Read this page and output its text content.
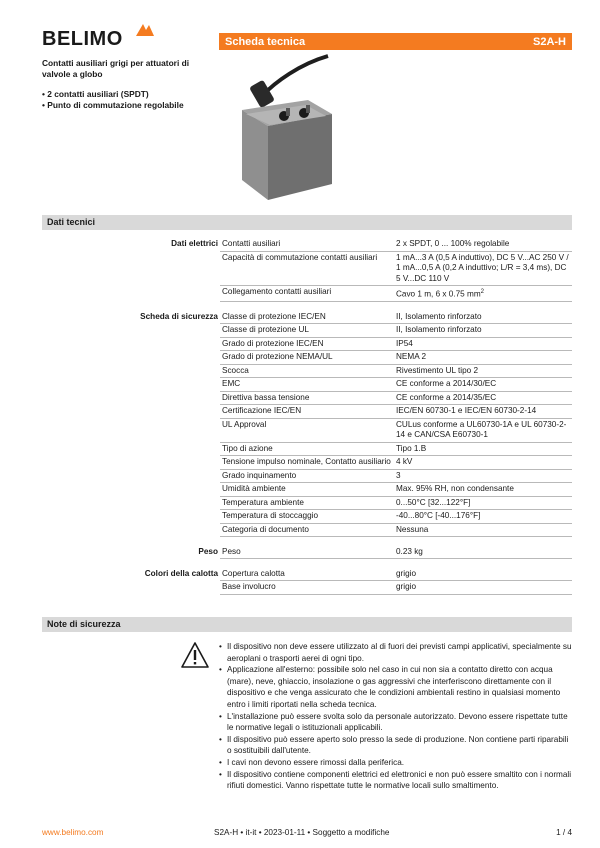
BELIMO	Scheda tecnica	S2A-H
Contatti ausiliari grigi per attuatori di valvole a globo
• 2 contatti ausiliari (SPDT)
• Punto di commutazione regolabile
Dati tecnici
Dati elettrici	Contatti ausiliari	2 x SPDT, 0 ... 100% regolabile
	Capacità di commutazione contatti ausiliari	1 mA...3 A (0,5 A induttivo), DC 5 V...AC 250 V / 1 mA...0,5 A (0,2 A induttivo; L/R = 3,4 ms), DC 5 V...DC 110 V
	Collegamento contatti ausiliari	Cavo 1 m, 6 x 0.75 $mm^2$

Scheda di sicurezza	Classe di protezione IEC/EN	II, Isolamento rinforzato
	Classe di protezione UL	II, Isolamento rinforzato
	Grado di protezione IEC/EN	IP54
	Grado di protezione NEMA/UL	NEMA 2
	Scocca	Rivestimento UL tipo 2
	EMC	CE conforme a 2014/30/EC
	Direttiva bassa tensione	CE conforme a 2014/35/EC
	Certificazione IEC/EN	IEC/EN 60730-1 e IEC/EN 60730-2-14
	UL Approval	CULus conforme a UL60730-1A e UL 60730-2-14 e CAN/CSA E60730-1
	Tipo di azione	Tipo 1.B
	Tensione impulso nominale, Contatto ausiliario	4 kV
	Grado inquinamento	3
	Umidità ambiente	Max. 95% RH, non condensante
	Temperatura ambiente	0...50°C [32...122°F]
	Temperatura di stoccaggio	-40...80°C [-40...176°F]
	Categoria di documento	Nessuna

Peso	Peso	0.23 kg

Colori della calotta	Copertura calotta	grigio
	Base involucro	grigio
Note di sicurezza
• Il dispositivo non deve essere utilizzato al di fuori dei previsti campi applicativi, specialmente su aeroplani o trasporti aerei di ogni tipo.
• Applicazione all'esterno: possibile solo nel caso in cui non sia a contatto diretto con acqua (mare), neve, ghiaccio, insolazione o gas aggressivi che interferiscono direttamente con il dispositivo e che venga assicurato che le condizioni ambientali restino in qualsiasi momento entro i limiti riportati nella scheda tecnica.
• L'installazione può essere svolta solo da personale autorizzato. Devono essere rispettate tutte le normative legali o istituzionali applicabili.
• Il dispositivo può essere aperto solo presso la sede di produzione. Non contiene parti riparabili o sostituibili dall'utente.
• I cavi non devono essere rimossi dalla periferica.
• Il dispositivo contiene componenti elettrici ed elettronici e non può essere smaltito con i normali rifiuti domestici. Vanno rispettate tutte le normative locali sullo smaltimento.
www.belimo.com	S2A-H • it-it • 2023-01-11 • Soggetto a modifiche	1 / 4
